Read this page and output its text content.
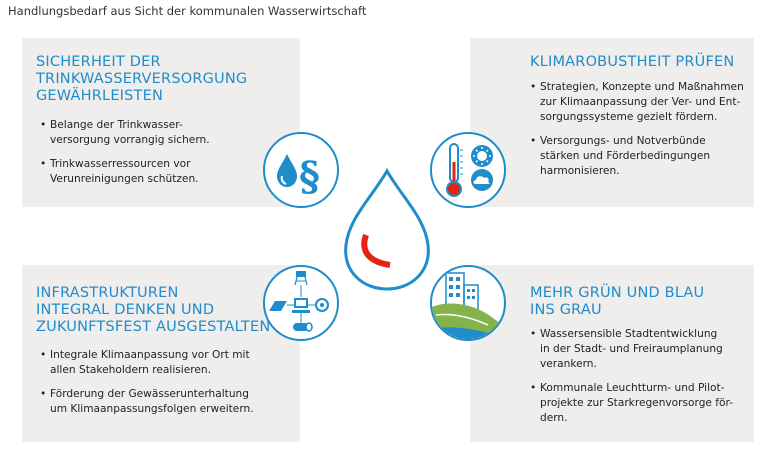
Handlungsbedarf aus Sicht der kommunalen Wasserwirtschaft
SICHERHEIT DER
TRINKWASSERVERSORGUNG
GEWÄHRLEISTEN
• Belange der Trinkwasser-
versorgung vorrangig sichern.
• Trinkwasserressourcen vor
Verunreinigungen schützen.
KLIMAROBUSTHEIT PRÜFEN
• Strategien, Konzepte und Maßnahmen
zur Klimaanpassung der Ver- und Ent-
sorgungssysteme gezielt fördern.
• Versorgungs- und Notverbünde
stärken und Förderbedingungen
harmonisieren.
INFRASTRUKTUREN
INTEGRAL DENKEN UND
ZUKUNFTSFEST AUSGESTALTEN
• Integrale Klimaanpassung vor Ort mit
allen Stakeholdern realisieren.
• Förderung der Gewässerunterhaltung
um Klimaanpassungsfolgen erweitern.
MEHR GRÜN UND BLAU
INS GRAU
• Wassersensible Stadtentwicklung
in der Stadt- und Freiraumplanung
verankern.
• Kommunale Leuchtturm- und Pilot-
projekte zur Starkregenvorsorge för-
dern.
§
